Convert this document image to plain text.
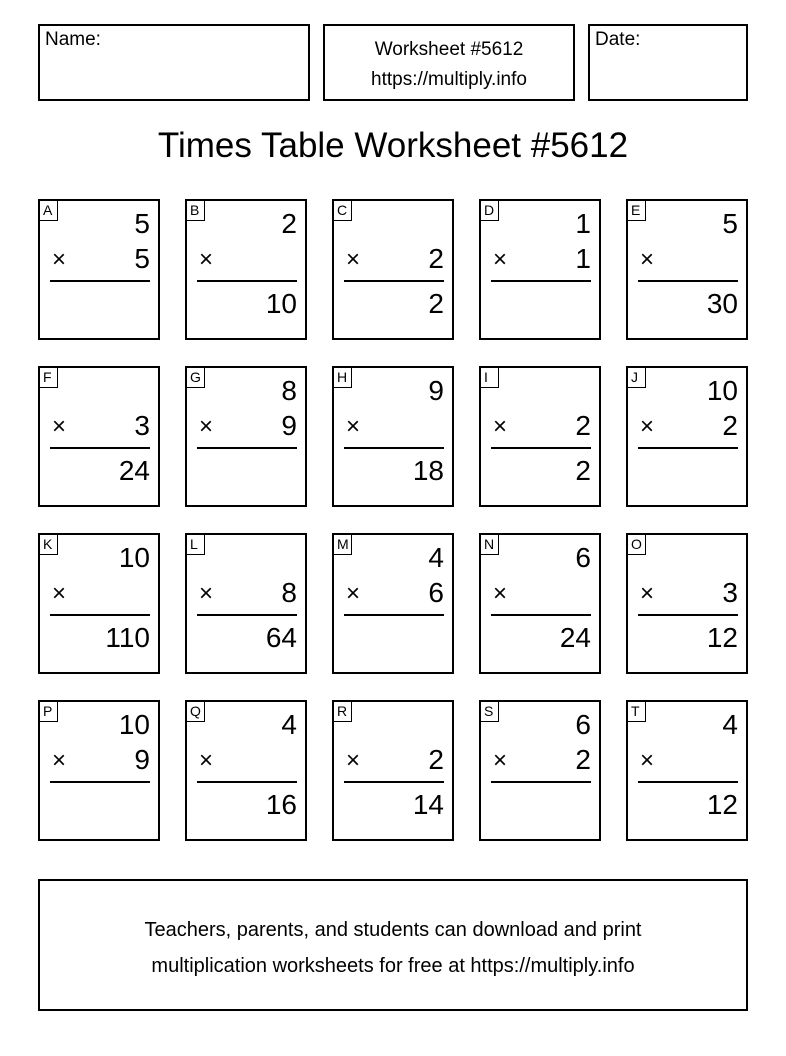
Name:	Worksheet #5612
https://multiply.info
Date:
Times Table Worksheet #5612
A	5
× 5
B	2
×
10
C
× 2
2
D	1
× 1
E	5
×
30
F
× 3
24
G	8
× 9
H	9
×
18
I
× 2
2
J 10
× 2
K 10
×
110
L
× 8
64
M	4
× 6
N	6
×
24
O
× 3
12
P 10
× 9
Q	4
×
16
R
× 2
14
S	6
× 2
T	4
×
12
Teachers, parents, and students can download and print
multiplication worksheets for free at https://multiply.info
